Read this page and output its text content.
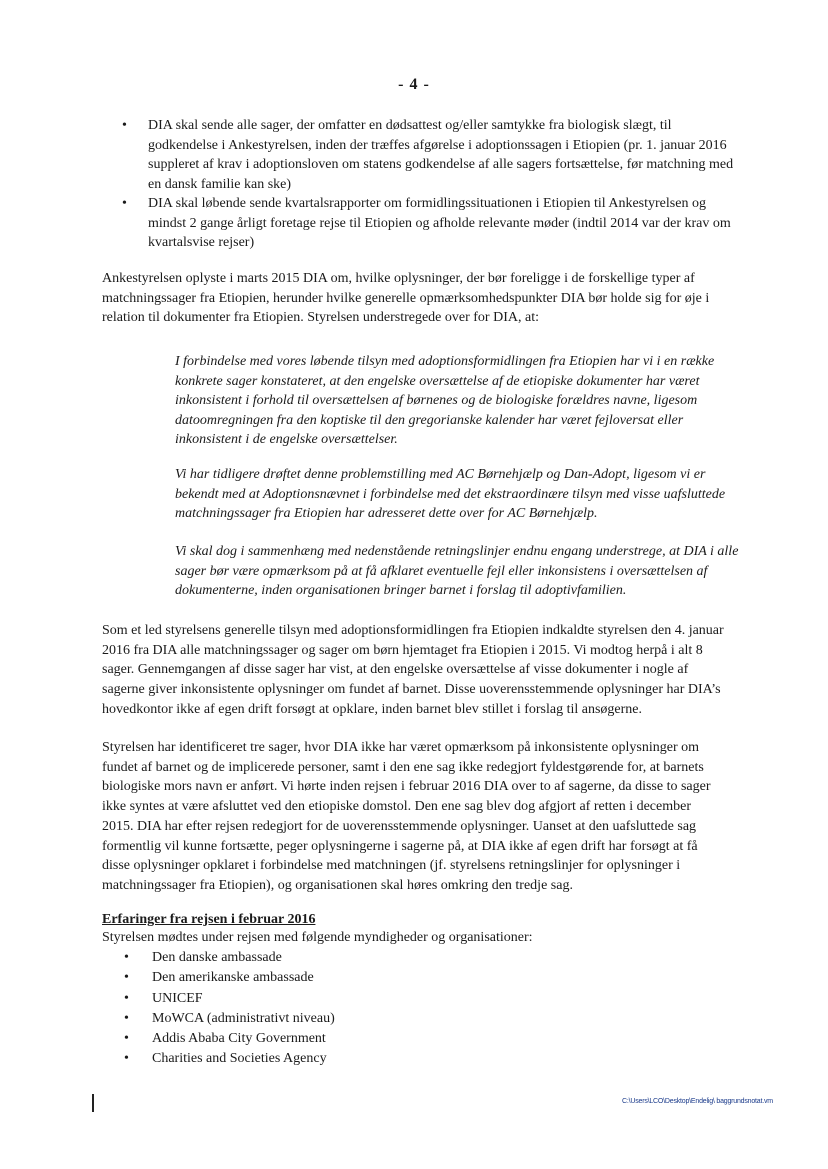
- 4 -
• DIA skal sende alle sager, der omfatter en dødsattest og/eller samtykke fra biologisk slægt, til godkendelse i Ankestyrelsen, inden der træffes afgørelse i adoptionssagen i Etiopien (pr. 1. januar 2016 suppleret af krav i adoptionsloven om statens godkendelse af alle sagers fortsættelse, før matchning med en dansk familie kan ske)
• DIA skal løbende sende kvartalsrapporter om formidlingssituationen i Etiopien til Ankestyrelsen og mindst 2 gange årligt foretage rejse til Etiopien og afholde relevante møder (indtil 2014 var der krav om kvartalsvise rejser)

Ankestyrelsen oplyste i marts 2015 DIA om, hvilke oplysninger, der bør foreligge i de forskellige typer af matchningssager fra Etiopien, herunder hvilke generelle opmærksomhedspunkter DIA bør holde sig for øje i relation til dokumenter fra Etiopien. Styrelsen understregede over for DIA, at:

I forbindelse med vores løbende tilsyn med adoptionsformidlingen fra Etiopien har vi i en række konkrete sager konstateret, at den engelske oversættelse af de etiopiske dokumenter har været inkonsistent i forhold til oversættelsen af børnenes og de biologiske forældres navne, ligesom datoomregningen fra den koptiske til den gregorianske kalender har været fejloversat eller inkonsistent i de engelske oversættelser.

Vi har tidligere drøftet denne problemstilling med AC Børnehjælp og Dan-Adopt, ligesom vi er bekendt med at Adoptionsnævnet i forbindelse med det ekstraordinære tilsyn med visse uafsluttede matchningssager fra Etiopien har adresseret dette over for AC Børnehjælp.

Vi skal dog i sammenhæng med nedenstående retningslinjer endnu engang understrege, at DIA i alle sager bør være opmærksom på at få afklaret eventuelle fejl eller inkonsistens i oversættelsen af dokumenterne, inden organisationen bringer barnet i forslag til adoptivfamilien.

Som et led styrelsens generelle tilsyn med adoptionsformidlingen fra Etiopien indkaldte styrelsen den 4. januar 2016 fra DIA alle matchningssager og sager om børn hjemtaget fra Etiopien i 2015. Vi modtog herpå i alt 8 sager. Gennemgangen af disse sager har vist, at den engelske oversættelse af visse dokumenter i nogle af sagerne giver inkonsistente oplysninger om fundet af barnet. Disse uoverensstemmende oplysninger har DIA’s hovedkontor ikke af egen drift forsøgt at opklare, inden barnet blev stillet i forslag til ansøgerne.

Styrelsen har identificeret tre sager, hvor DIA ikke har været opmærksom på inkonsistente oplysninger om fundet af barnet og de implicerede personer, samt i den ene sag ikke redegjort fyldestgørende for, at barnets biologiske mors navn er anført. Vi hørte inden rejsen i februar 2016 DIA over to af sagerne, da disse to sager ikke syntes at være afsluttet ved den etiopiske domstol. Den ene sag blev dog afgjort af retten i december 2015. DIA har efter rejsen redegjort for de uoverensstemmende oplysninger. Uanset at den uafsluttede sag formentlig vil kunne fortsætte, peger oplysningerne i sagerne på, at DIA ikke af egen drift har forsøgt at få disse oplysninger opklaret i forbindelse med matchningen (jf. styrelsens retningslinjer for oplysninger i matchningssager fra Etiopien), og organisationen skal høres omkring den tredje sag.

Erfaringer fra rejsen i februar 2016

Styrelsen mødtes under rejsen med følgende myndigheder og organisationer:

• Den danske ambassade
• Den amerikanske ambassade
• UNICEF
• MoWCA (administrativt niveau)
• Addis Ababa City Government
• Charities and Societies Agency
C:\Users\LCO\Desktop\Endelig\ baggrundsnotat.vm
